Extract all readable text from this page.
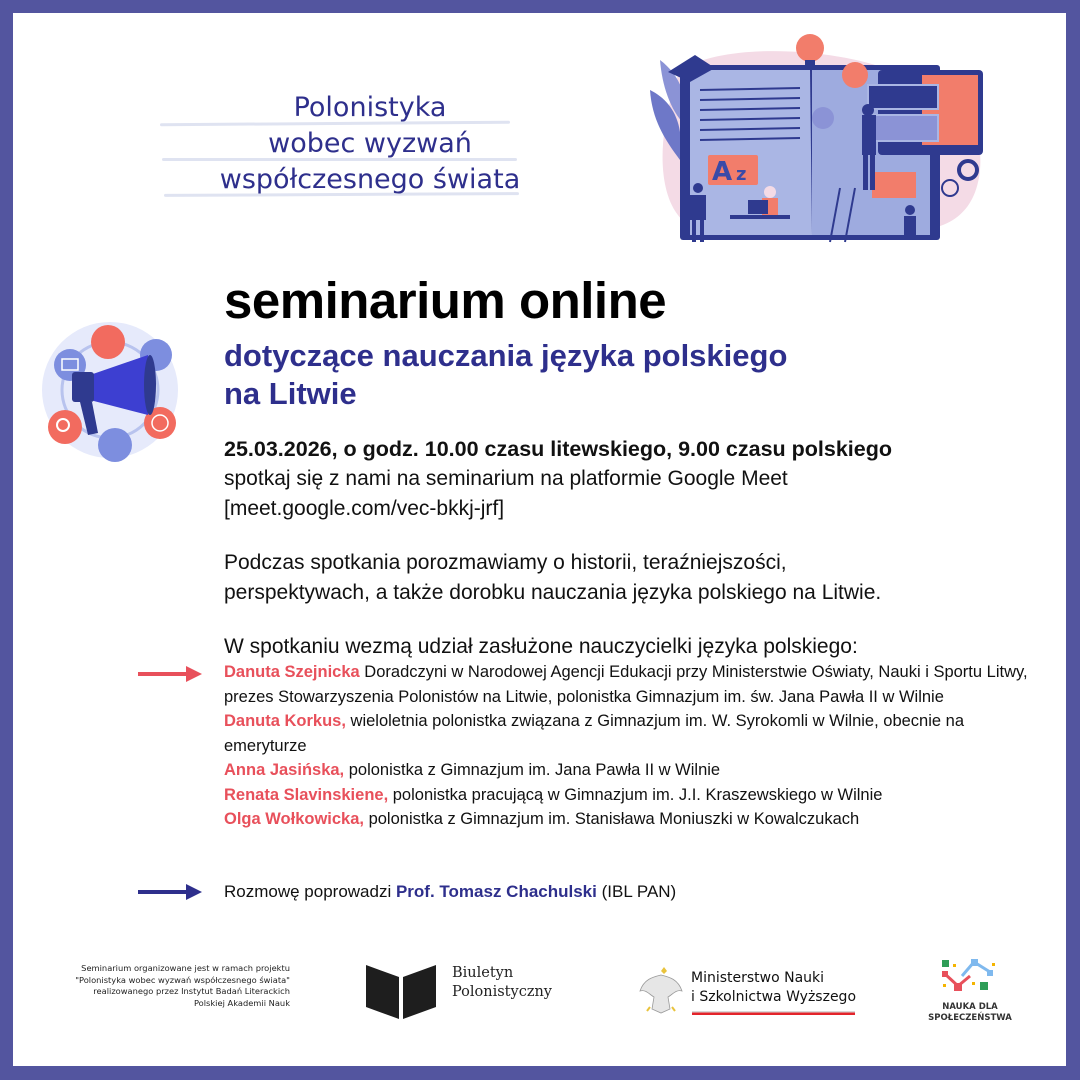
Polonistyka
wobec wyzwań
współczesnego świata	A z
seminarium online
dotyczące nauczania języka polskiego
na Litwie
25.03.2026, o godz. 10.00 czasu litewskiego, 9.00 czasu polskiego
spotkaj się z nami na seminarium na platformie Google Meet
[meet.google.com/vec-bkkj-jrf]
Podczas spotkania porozmawiamy o historii, teraźniejszości,
perspektywach, a także dorobku nauczania języka polskiego na Litwie.
W spotkaniu wezmą udział zasłużone nauczycielki języka polskiego:
Danuta Szejnicka Doradczyni w Narodowej Agencji Edukacji przy Ministerstwie Oświaty, Nauki i Sportu Litwy, prezes Stowarzyszenia Polonistów na Litwie, polonistka Gimnazjum im. św. Jana Pawła II w Wilnie
Danuta Korkus, wieloletnia polonistka związana z Gimnazjum im. W. Syrokomli w Wilnie, obecnie na emeryturze
Anna Jasińska, polonistka z Gimnazjum im. Jana Pawła II w Wilnie
Renata Slavinskiene, polonistka pracującą w Gimnazjum im. J.I. Kraszewskiego w Wilnie
Olga Wołkowicka, polonistka z Gimnazjum im. Stanisława Moniuszki w Kowalczukach
Rozmowę poprowadzi Prof. Tomasz Chachulski (IBL PAN)
Seminarium organizowane jest w ramach projektu
"Polonistyka wobec wyzwań współczesnego świata"
realizowanego przez Instytut Badań Literackich
Polskiej Akademii Nauk
Biuletyn
Polonistyczny
Ministerstwo Nauki
i Szkolnictwa Wyższego
NAUKA DLA
SPOŁECZEŃSTWA
